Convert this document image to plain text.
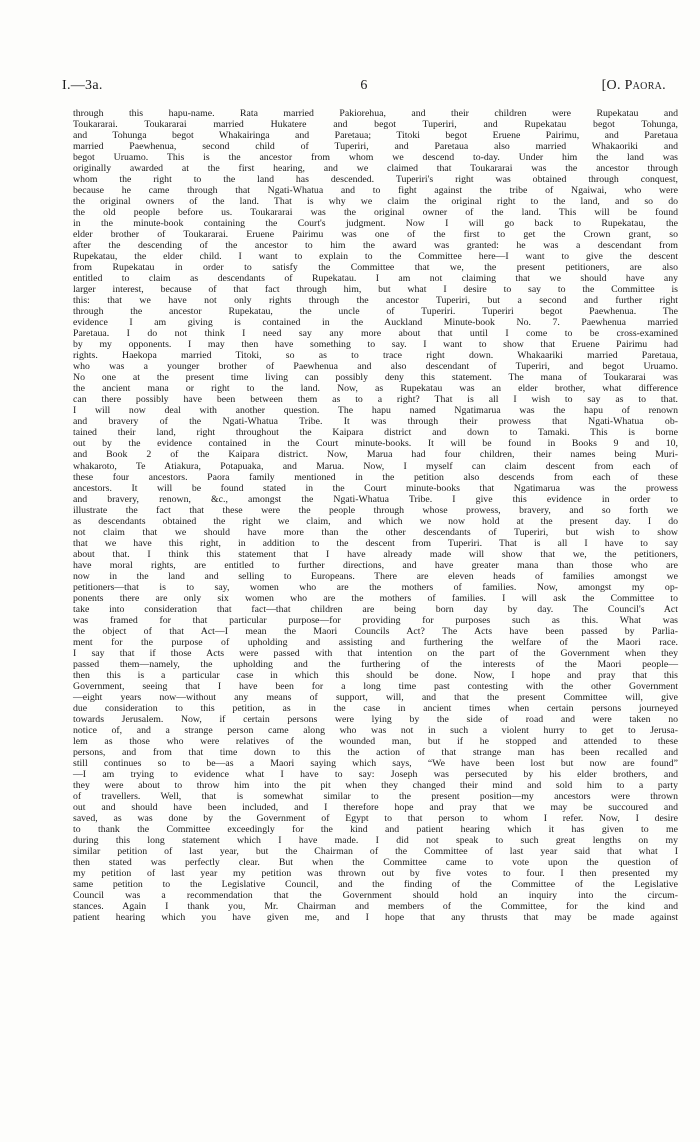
I.—3a.	6	[O. Paora.
through this hapu-name. Rata married Pakiorehua, and their children were Rupekatau and
Toukararai. Toukararai married Hukatere and begot Tuperiri, and Rupekatau begot Tohunga,
and Tohunga begot Whakairinga and Paretaua; Titoki begot Eruene Pairimu, and Paretaua
married Paewhenua, second child of Tuperiri, and Paretaua also married Whakaoriki and
begot Uruamo. This is the ancestor from whom we descend to-day. Under him the land was
originally awarded at the first hearing, and we claimed that Toukararai was the ancestor through
whom the right to the land has descended. Tuperiri's right was obtained through conquest,
because he came through that Ngati-Whatua and to fight against the tribe of Ngaiwai, who were
the original owners of the land. That is why we claim the original right to the land, and so do
the old people before us. Toukararai was the original owner of the land. This will be found
in the minute-book containing the Court's judgment. Now I will go back to Rupekatau, the
elder brother of Toukararai. Eruene Pairimu was one of the first to get the Crown grant, so
after the descending of the ancestor to him the award was granted: he was a descendant from
Rupekatau, the elder child. I want to explain to the Committee here—I want to give the descent
from Rupekatau in order to satisfy the Committee that we, the present petitioners, are also
entitled to claim as descendants of Rupekatau. I am not claiming that we should have any
larger interest, because of that fact through him, but what I desire to say to the Committee is
this: that we have not only rights through the ancestor Tuperiri, but a second and further right
through the ancestor Rupekatau, the uncle of Tuperiri. Tuperiri begot Paewhenua. The
evidence I am giving is contained in the Auckland Minute-book No. 7. Paewhenua married
Paretaua. I do not think I need say any more about that until I come to be cross-examined
by my opponents. I may then have something to say. I want to show that Eruene Pairimu had
rights. Haekopa married Titoki, so as to trace right down. Whakaariki married Paretaua,
who was a younger brother of Paewhenua and also descendant of Tuperiri, and begot Uruamo.
No one at the present time living can possibly deny this statement. The mana of Toukararai was
the ancient mana or right to the land. Now, as Rupekatau was an elder brother, what difference
can there possibly have been between them as to a right? That is all I wish to say as to that.
I will now deal with another question. The hapu named Ngatimarua was the hapu of renown
and bravery of the Ngati-Whatua Tribe. It was through their prowess that Ngati-Whatua ob-
tained their land, right throughout the Kaipara district and down to Tamaki. This is borne
out by the evidence contained in the Court minute-books. It will be found in Books 9 and 10,
and Book 2 of the Kaipara district. Now, Marua had four children, their names being Muri-
whakaroto, Te Atiakura, Potapuaka, and Marua. Now, I myself can claim descent from each of
these four ancestors. Paora family mentioned in the petition also descends from each of these
ancestors. It will be found stated in the Court minute-books that Ngatimarua was the prowess
and bravery, renown, &c., amongst the Ngati-Whatua Tribe. I give this evidence in order to
illustrate the fact that these were the people through whose prowess, bravery, and so forth we
as descendants obtained the right we claim, and which we now hold at the present day. I do
not claim that we should have more than the other descendants of Tuperiri, but wish to show
that we have this right, in addition to the descent from Tuperiri. That is all I have to say
about that. I think this statement that I have already made will show that we, the petitioners,
have moral rights, are entitled to further directions, and have greater mana than those who are
now in the land and selling to Europeans. There are eleven heads of families amongst we
petitioners—that is to say, women who are the mothers of families. Now, amongst my op-
ponents there are only six women who are the mothers of families. I will ask the Committee to
take into consideration that fact—that children are being born day by day. The Council's Act
was framed for that particular purpose—for providing for purposes such as this. What was
the object of that Act—I mean the Maori Councils Act? The Acts have been passed by Parlia-
ment for the purpose of upholding and assisting and furthering the welfare of the Maori race.
I say that if those Acts were passed with that intention on the part of the Government when they
passed them—namely, the upholding and the furthering of the interests of the Maori people—
then this is a particular case in which this should be done. Now, I hope and pray that this
Government, seeing that I have been for a long time past contesting with the other Government
—eight years now—without any means of support, will, and that the present Committee will, give
due consideration to this petition, as in the case in ancient times when certain persons journeyed
towards Jerusalem. Now, if certain persons were lying by the side of road and were taken no
notice of, and a strange person came along who was not in such a violent hurry to get to Jerusa-
lem as those who were relatives of the wounded man, but if he stopped and attended to these
persons, and from that time down to this the action of that strange man has been recalled and
still continues so to be—as a Maori saying which says, “We have been lost but now are found”
—I am trying to evidence what I have to say: Joseph was persecuted by his elder brothers, and
they were about to throw him into the pit when they changed their mind and sold him to a party
of travellers. Well, that is somewhat similar to the present position—my ancestors were thrown
out and should have been included, and I therefore hope and pray that we may be succoured and
saved, as was done by the Government of Egypt to that person to whom I refer. Now, I desire
to thank the Committee exceedingly for the kind and patient hearing which it has given to me
during this long statement which I have made. I did not speak to such great lengths on my
similar petition of last year, but the Chairman of the Committee of last year said that what I
then stated was perfectly clear. But when the Committee came to vote upon the question of
my petition of last year my petition was thrown out by five votes to four. I then presented my
same petition to the Legislative Council, and the finding of the Committee of the Legislative
Council was a recommendation that the Government should hold an inquiry into the circum-
stances. Again I thank you, Mr. Chairman and members of the Committee, for the kind and
patient hearing which you have given me, and I hope that any thrusts that may be made against
